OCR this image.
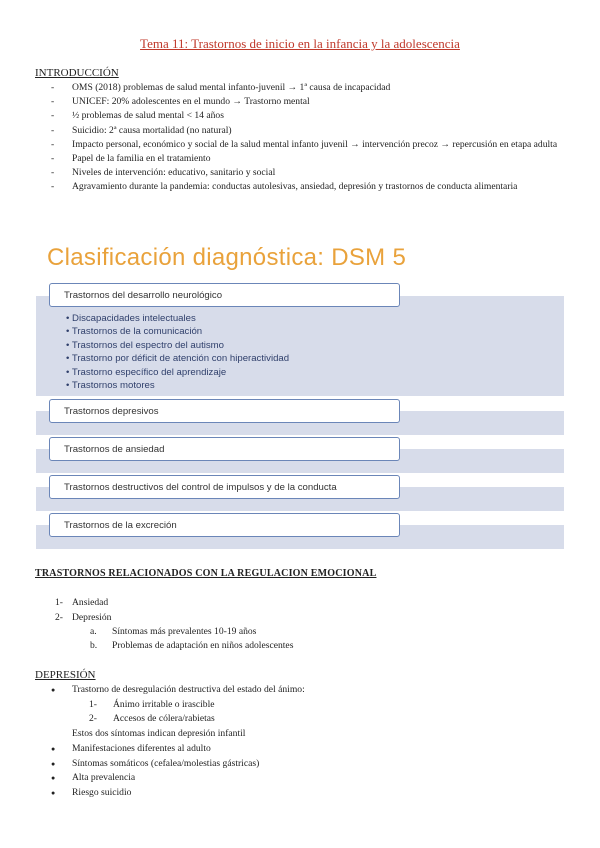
Tema 11: Trastornos de inicio en la infancia y la adolescencia
INTRODUCCIÓN
- OMS (2018) problemas de salud mental infanto-juvenil → 1ª causa de incapacidad
- UNICEF: 20% adolescentes en el mundo → Trastorno mental
- ½ problemas de salud mental < 14 años
- Suicidio: 2ª causa mortalidad (no natural)
- Impacto personal, económico y social de la salud mental infanto juvenil → intervención precoz → repercusión en etapa adulta
- Papel de la familia en el tratamiento
- Niveles de intervención: educativo, sanitario y social
- Agravamiento durante la pandemia: conductas autolesivas, ansiedad, depresión y trastornos de conducta alimentaria
Clasificación diagnóstica: DSM 5
Trastornos del desarrollo neurológico
• Discapacidades intelectuales
• Trastornos de la comunicación
• Trastornos del espectro del autismo
• Trastorno por déficit de atención con hiperactividad
• Trastorno específico del aprendizaje
• Trastornos motores
Trastornos depresivos
Trastornos de ansiedad
Trastornos destructivos del control de impulsos y de la conducta
Trastornos de la excreción
TRASTORNOS RELACIONADOS CON LA REGULACION EMOCIONAL
1- Ansiedad
2- Depresión
a. Síntomas más prevalentes 10-19 años
b. Problemas de adaptación en niños adolescentes
DEPRESIÓN
● Trastorno de desregulación destructiva del estado del ánimo:
1- Ánimo irritable o irascible
2- Accesos de cólera/rabietas
Estos dos síntomas indican depresión infantil
● Manifestaciones diferentes al adulto
● Síntomas somáticos (cefalea/molestias gástricas)
● Alta prevalencia
● Riesgo suicidio
